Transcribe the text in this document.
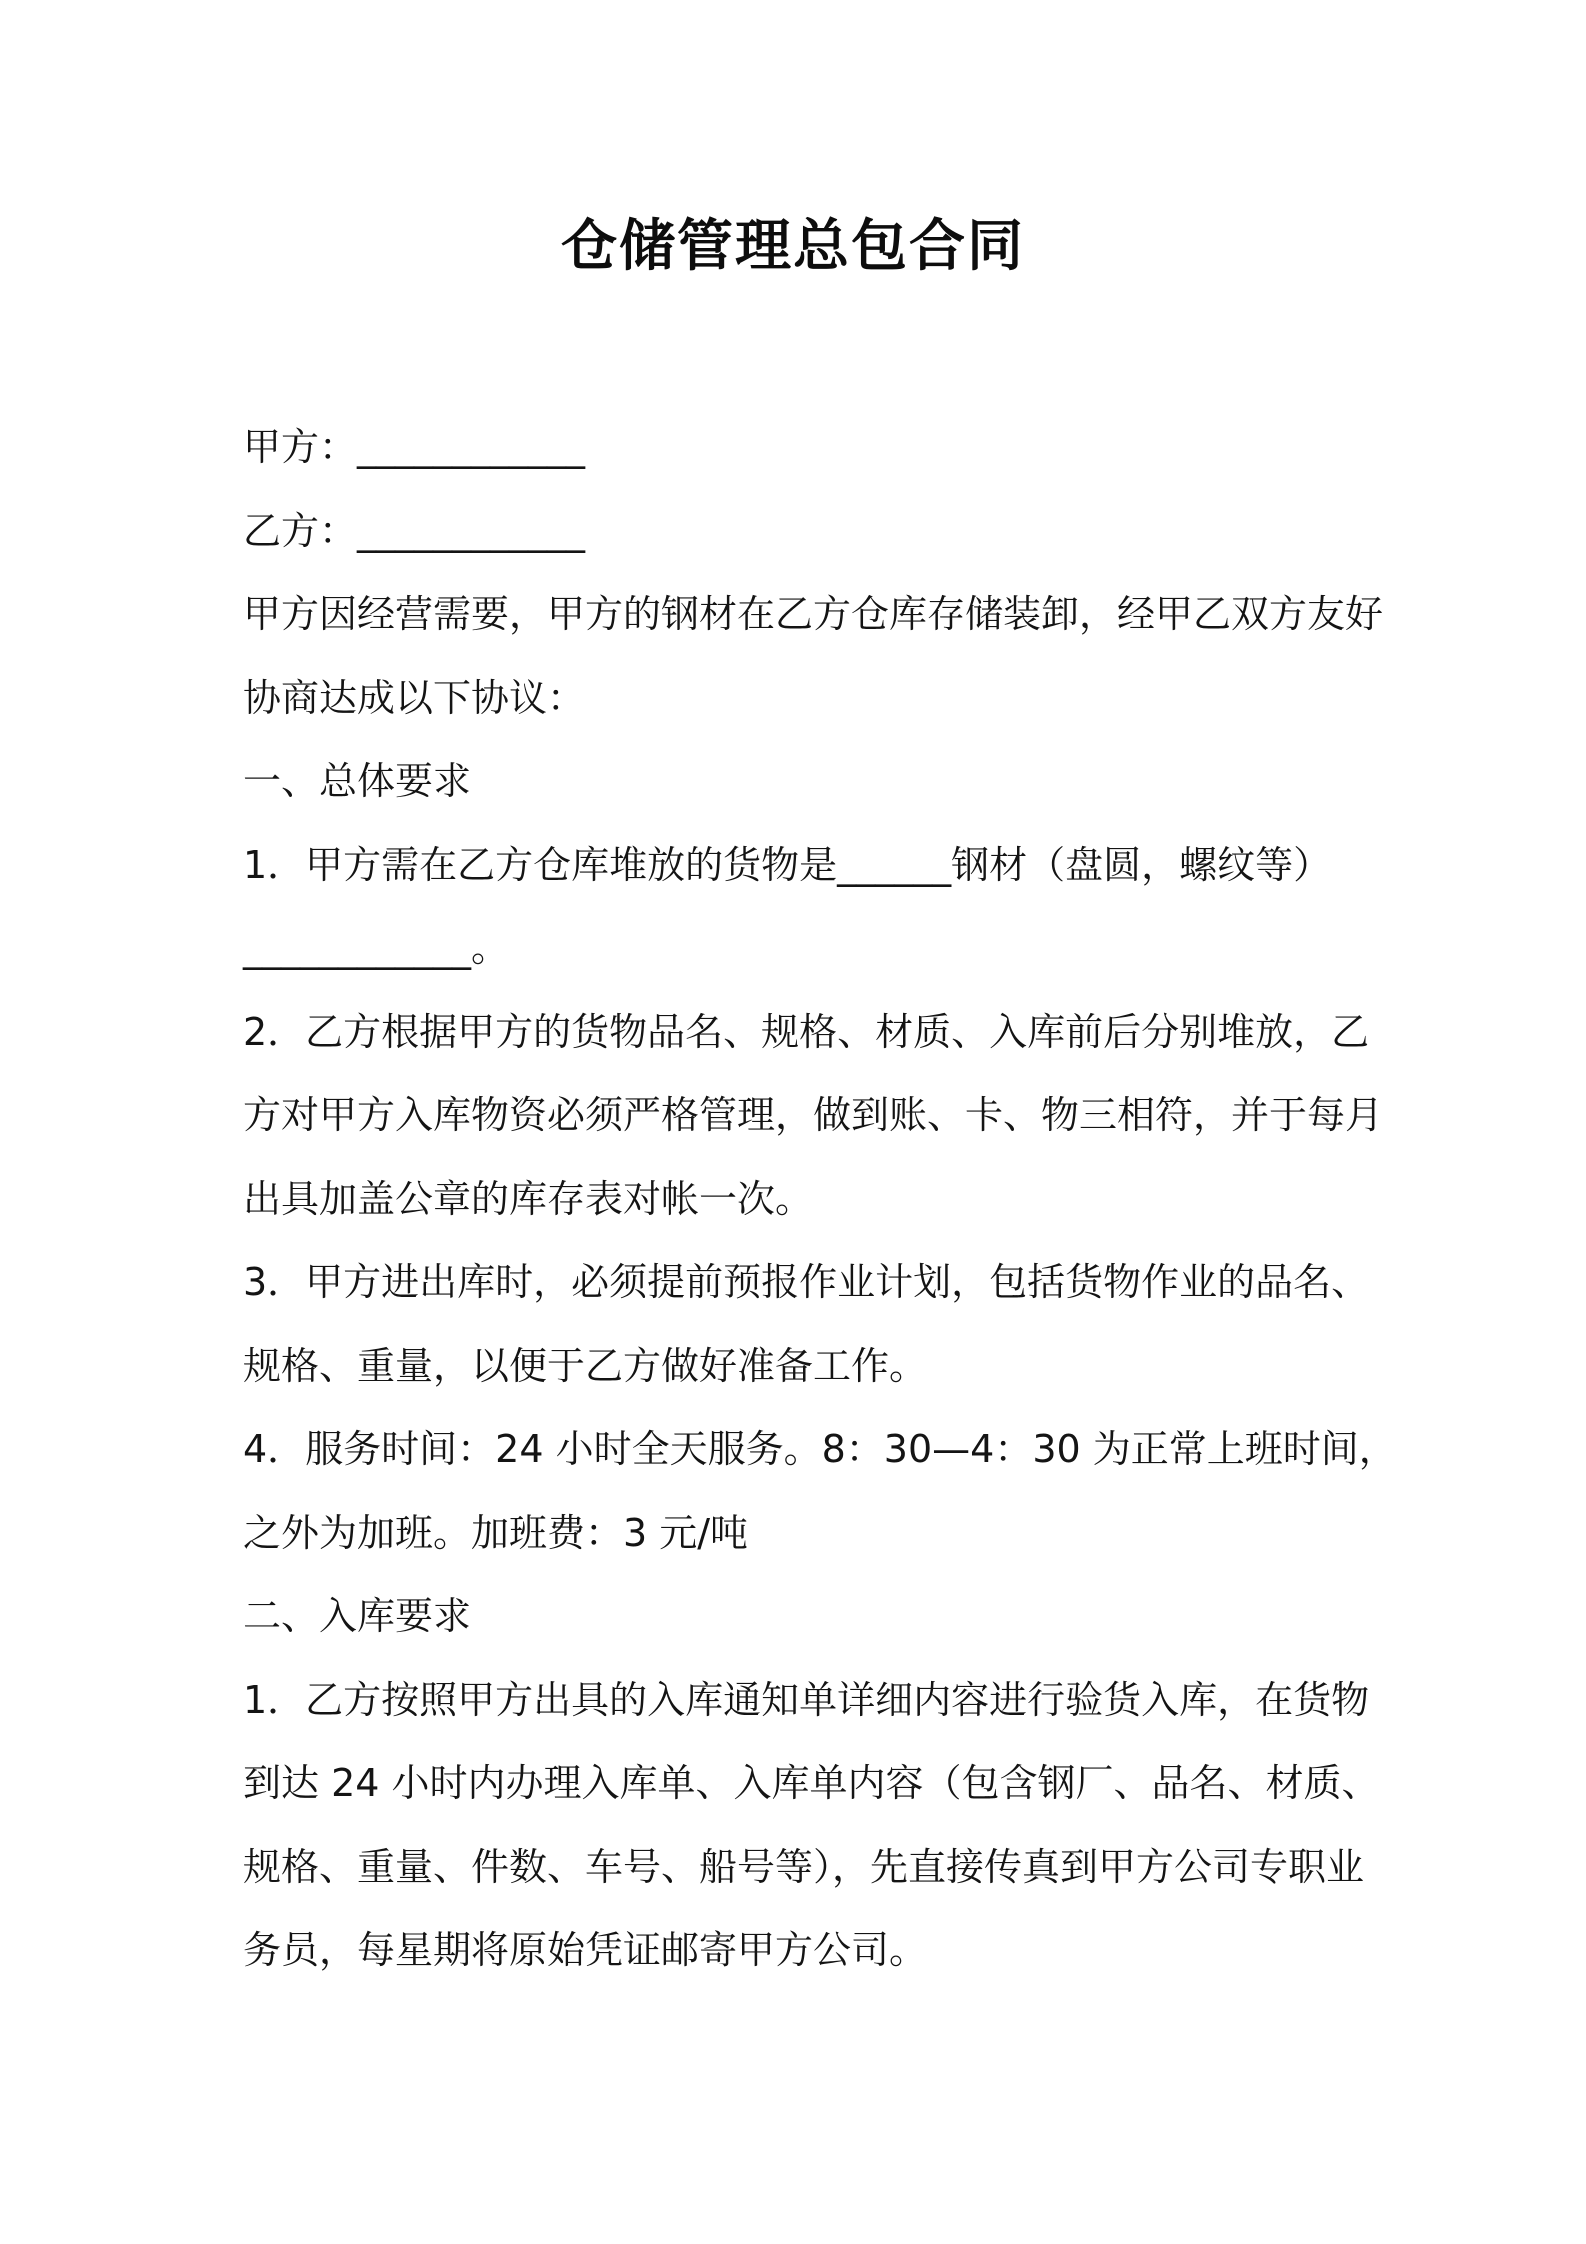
仓储管理总包合同
甲方：____________
乙方：____________
甲方因经营需要，甲方的钢材在乙方仓库存储装卸，经甲乙双方友好
协商达成以下协议：
一、总体要求
1．甲方需在乙方仓库堆放的货物是______钢材（盘圆，螺纹等）
____________。
2．乙方根据甲方的货物品名、规格、材质、入库前后分别堆放，乙
方对甲方入库物资必须严格管理，做到账、卡、物三相符，并于每月
出具加盖公章的库存表对帐一次。
3．甲方进出库时，必须提前预报作业计划，包括货物作业的品名、
规格、重量，以便于乙方做好准备工作。
4．服务时间：24 小时全天服务。8：30—4：30 为正常上班时间，
之外为加班。加班费：3 元/吨
二、入库要求
1．乙方按照甲方出具的入库通知单详细内容进行验货入库，在货物
到达 24 小时内办理入库单、入库单内容（包含钢厂、品名、材质、
规格、重量、件数、车号、船号等），先直接传真到甲方公司专职业
务员，每星期将原始凭证邮寄甲方公司。
